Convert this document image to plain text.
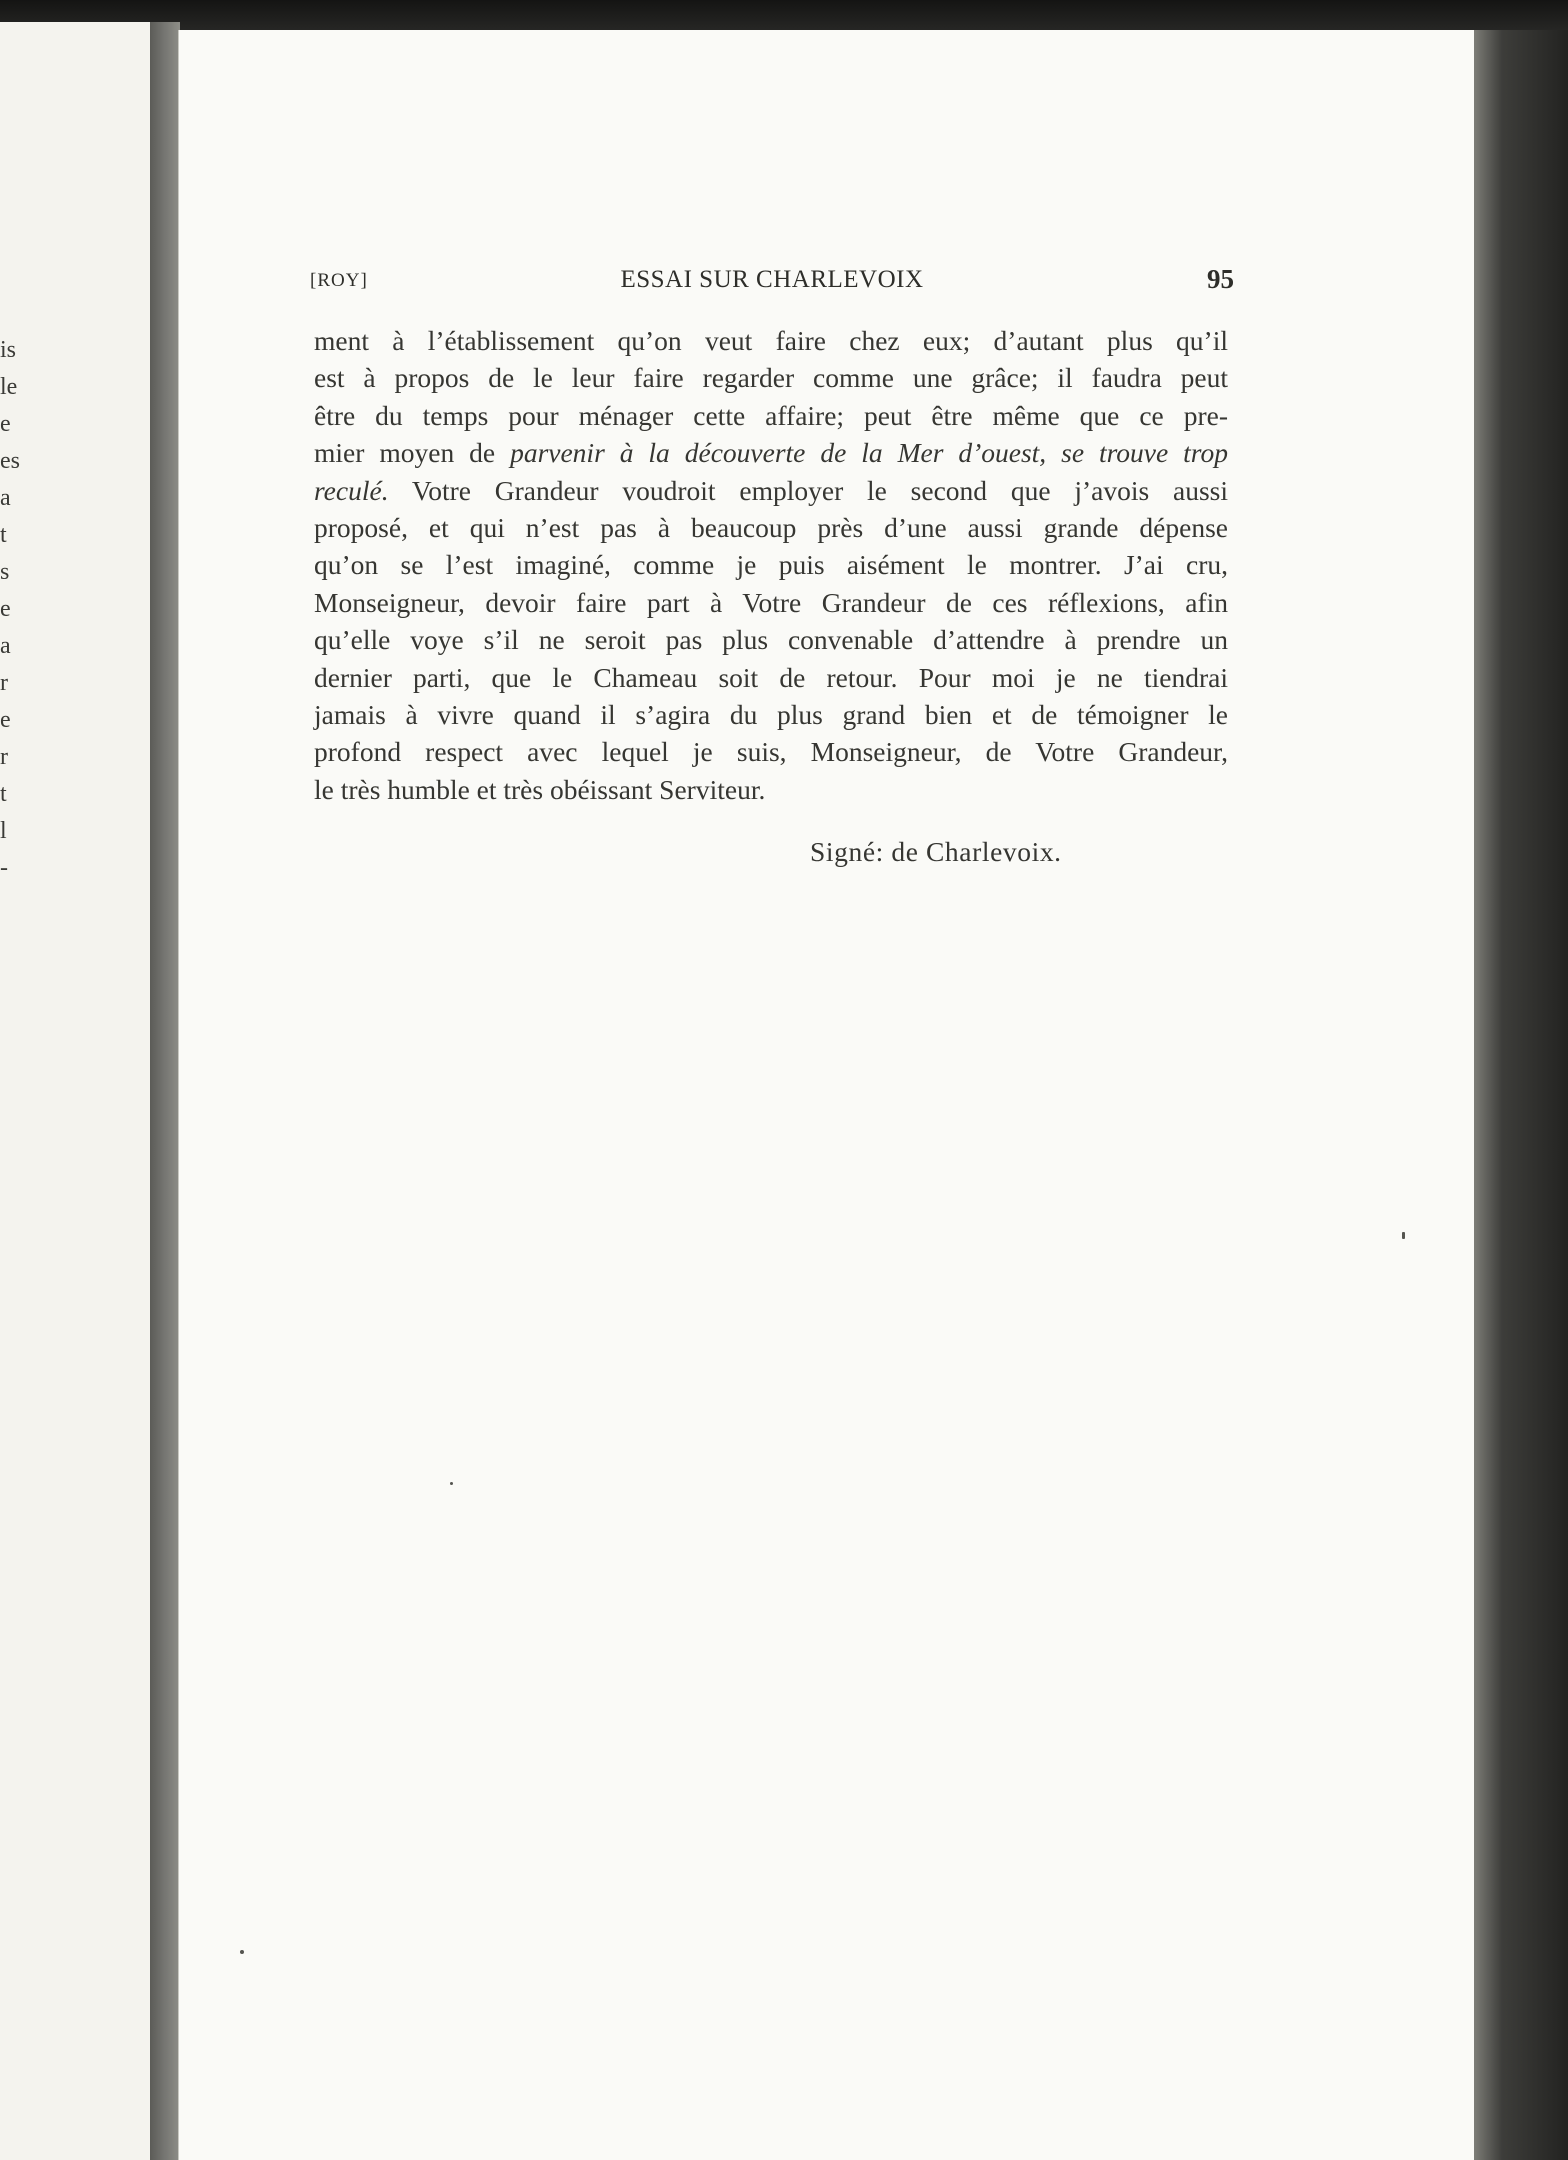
is
le
e
es
a
t
s
e
a
r
e
r
t
l
-
[ROY]	ESSAI SUR CHARLEVOIX	95
ment à l’établissement qu’on veut faire chez eux; d’autant plus qu’il
est à propos de le leur faire regarder comme une grâce; il faudra peut
être du temps pour ménager cette affaire; peut être même que ce pre-
mier moyen de parvenir à la découverte de la Mer d’ouest, se trouve trop
reculé. Votre Grandeur voudroit employer le second que j’avois aussi
proposé, et qui n’est pas à beaucoup près d’une aussi grande dépense
qu’on se l’est imaginé, comme je puis aisément le montrer. J’ai cru,
Monseigneur, devoir faire part à Votre Grandeur de ces réflexions, afin
qu’elle voye s’il ne seroit pas plus convenable d’attendre à prendre un
dernier parti, que le Chameau soit de retour. Pour moi je ne tiendrai
jamais à vivre quand il s’agira du plus grand bien et de témoigner le
profond respect avec lequel je suis, Monseigneur, de Votre Grandeur,
le très humble et très obéissant Serviteur.
Signé: de Charlevoix.
